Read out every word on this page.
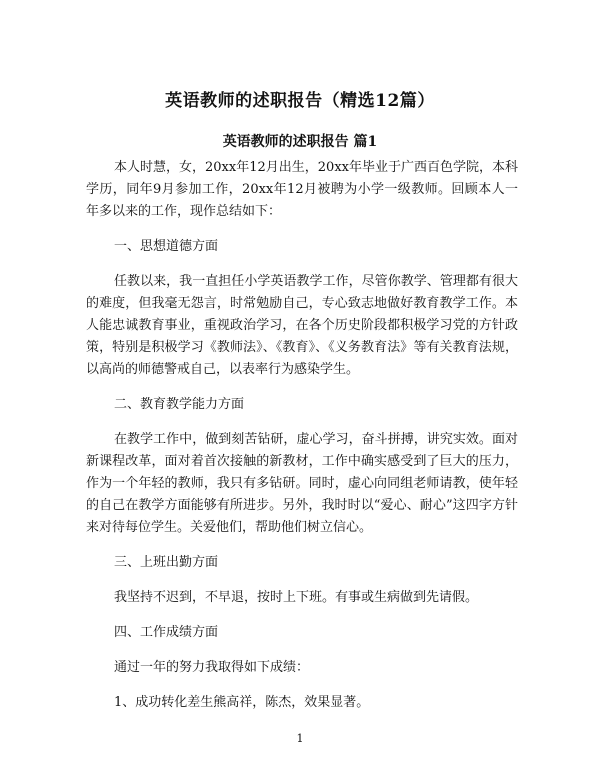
英语教师的述职报告（精选12篇）
英语教师的述职报告 篇1

本人时慧，女，20xx年12月出生，20xx年毕业于广西百色学院，本科学历，同年9月参加工作，20xx年12月被聘为小学一级教师。回顾本人一年多以来的工作，现作总结如下：

一、思想道德方面

任教以来，我一直担任小学英语教学工作，尽管你教学、管理都有很大的难度，但我毫无怨言，时常勉励自己，专心致志地做好教育教学工作。本人能忠诚教育事业，重视政治学习，在各个历史阶段都积极学习党的方针政策，特别是积极学习《教师法》、《教育》、《义务教育法》等有关教育法规，以高尚的师德警戒自己，以表率行为感染学生。

二、教育教学能力方面

在教学工作中，做到刻苦钻研，虚心学习，奋斗拼搏，讲究实效。面对新课程改革，面对着首次接触的新教材，工作中确实感受到了巨大的压力，作为一个年轻的教师，我只有多钻研。同时，虚心向同组老师请教，使年轻的自己在教学方面能够有所进步。另外，我时时以“爱心、耐心”这四字方针来对待每位学生。关爱他们，帮助他们树立信心。

三、上班出勤方面

我坚持不迟到，不早退，按时上下班。有事或生病做到先请假。

四、工作成绩方面

通过一年的努力我取得如下成绩：

1、成功转化差生熊高祥，陈杰，效果显著。

1
